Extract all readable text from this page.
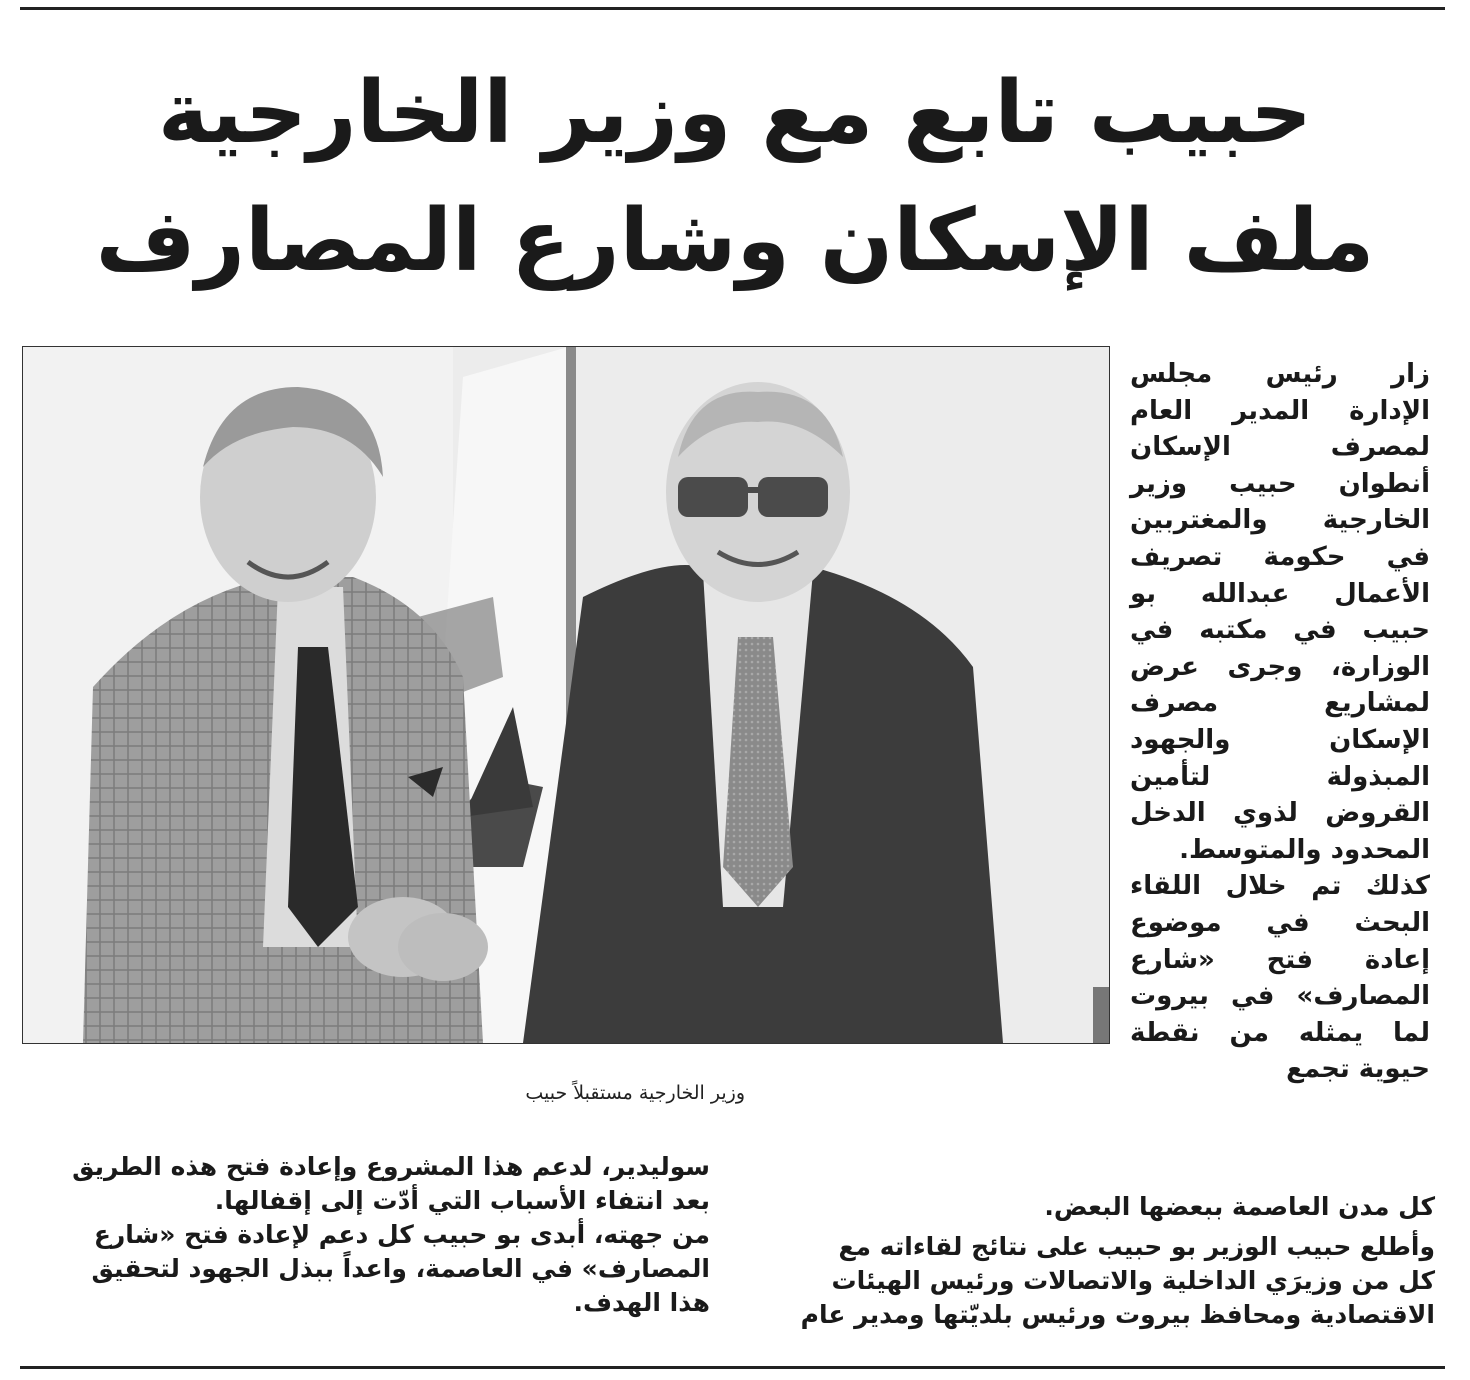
حبيب تابع مع وزير الخارجية
ملف الإسكان وشارع المصارف
وزير الخارجية مستقبلاً حبيب

زار رئيس مجلس الإدارة المدير العام لمصرف الإسكان أنطوان حبيب وزير الخارجية والمغتربين في حكومة تصريف الأعمال عبدالله بو حبيب في مكتبه في الوزارة، وجرى عرض لمشاريع مصرف الإسكان والجهود المبذولة لتأمين القروض لذوي الدخل المحدود والمتوسط.

كذلك تم خلال اللقاء البحث في موضوع إعادة فتح «شارع المصارف» في بيروت لما يمثله من نقطة حيوية تجمع

كل مدن العاصمة ببعضها البعض.
وأطلع حبيب الوزير بو حبيب على نتائج لقاءاته مع
كل من وزيرَي الداخلية والاتصالات ورئيس الهيئات
الاقتصادية ومحافظ بيروت ورئيس بلديّتها ومدير عام
سوليدير، لدعم هذا المشروع وإعادة فتح هذه الطريق
بعد انتفاء الأسباب التي أدّت إلى إقفالها.
من جهته، أبدى بو حبيب كل دعم لإعادة فتح «شارع
المصارف» في العاصمة، واعداً ببذل الجهود لتحقيق
هذا الهدف.
